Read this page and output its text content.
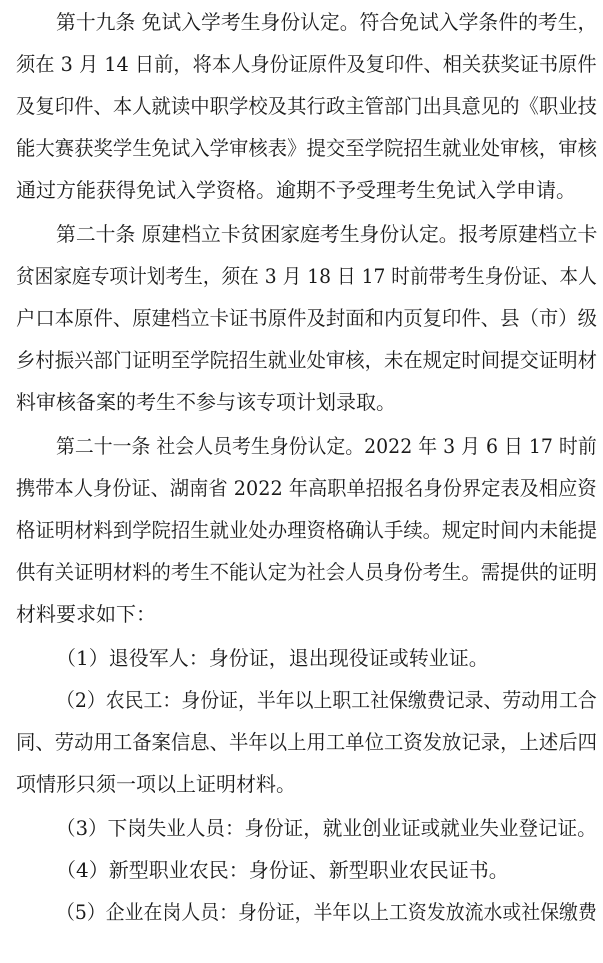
第十九条 免试入学考生身份认定。符合免试入学条件的考生，
须在 3 月 14 日前，将本人身份证原件及复印件、相关获奖证书原件
及复印件、本人就读中职学校及其行政主管部门出具意见的《职业技
能大赛获奖学生免试入学审核表》提交至学院招生就业处审核，审核
通过方能获得免试入学资格。逾期不予受理考生免试入学申请。
第二十条 原建档立卡贫困家庭考生身份认定。报考原建档立卡
贫困家庭专项计划考生，须在 3 月 18 日 17 时前带考生身份证、本人
户口本原件、原建档立卡证书原件及封面和内页复印件、县（市）级
乡村振兴部门证明至学院招生就业处审核，未在规定时间提交证明材
料审核备案的考生不参与该专项计划录取。
第二十一条 社会人员考生身份认定。2022 年 3 月 6 日 17 时前
携带本人身份证、湖南省 2022 年高职单招报名身份界定表及相应资
格证明材料到学院招生就业处办理资格确认手续。规定时间内未能提
供有关证明材料的考生不能认定为社会人员身份考生。需提供的证明
材料要求如下：
（1）退役军人：身份证，退出现役证或转业证。
（2）农民工：身份证，半年以上职工社保缴费记录、劳动用工合
同、劳动用工备案信息、半年以上用工单位工资发放记录，上述后四
项情形只须一项以上证明材料。
（3）下岗失业人员：身份证，就业创业证或就业失业登记证。
（4）新型职业农民：身份证、新型职业农民证书。
（5）企业在岗人员：身份证，半年以上工资发放流水或社保缴费
